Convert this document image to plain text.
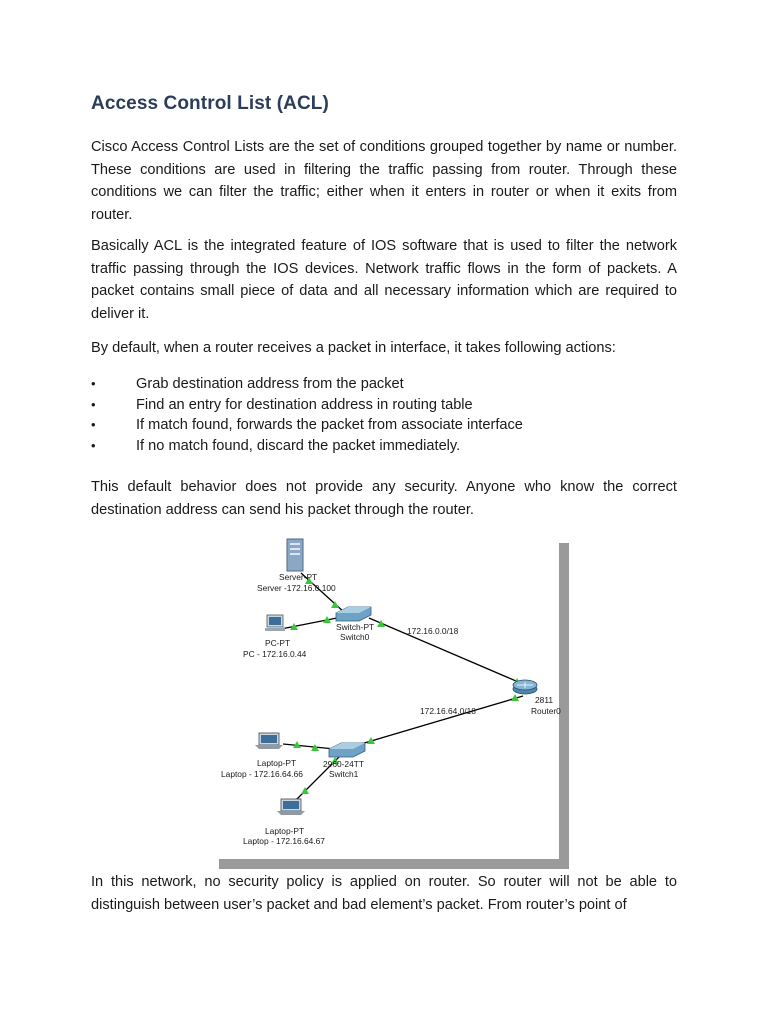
Access Control List (ACL)

Cisco Access Control Lists are the set of conditions grouped together by name or number. These conditions are used in filtering the traffic passing from router. Through these conditions we can filter the traffic; either when it enters in router or when it exits from router.

Basically ACL is the integrated feature of IOS software that is used to filter the network traffic passing through the IOS devices. Network traffic flows in the form of packets. A packet contains small piece of data and all necessary information which are required to deliver it.

By default, when a router receives a packet in interface, it takes following actions:

•	Grab destination address from the packet
•	Find an entry for destination address in routing table
•	If match found, forwards the packet from associate interface
•	If no match found, discard the packet immediately.

This default behavior does not provide any security. Anyone who know the correct destination address can send his packet through the router.

Server-PT
Server -172.16.0.100
Switch-PT
Switch0
PC-PT
PC - 172.16.0.44
172.16.0.0/18
2811
Router0
172.16.64.0/18
Laptop-PT
Laptop - 172.16.64.66
2960-24TT
Switch1
Laptop-PT
Laptop - 172.16.64.67

In this network, no security policy is applied on router. So router will not be able to distinguish between user’s packet and bad element’s packet. From router’s point of
